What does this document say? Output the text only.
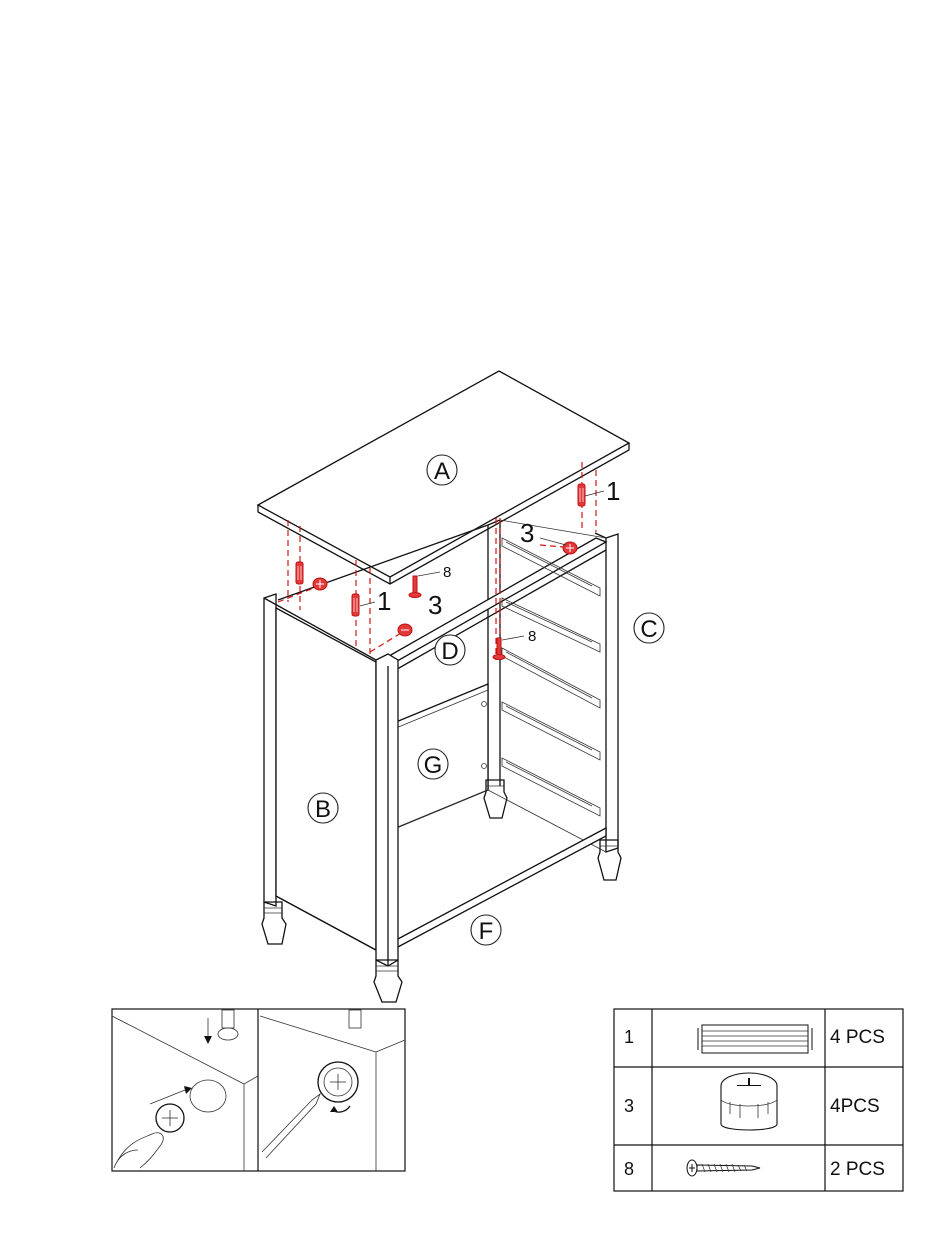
A
B
C
D
F
G
1
1 3
3
8
8
1	4 PCS
3	4PCS
8	2 PCS
